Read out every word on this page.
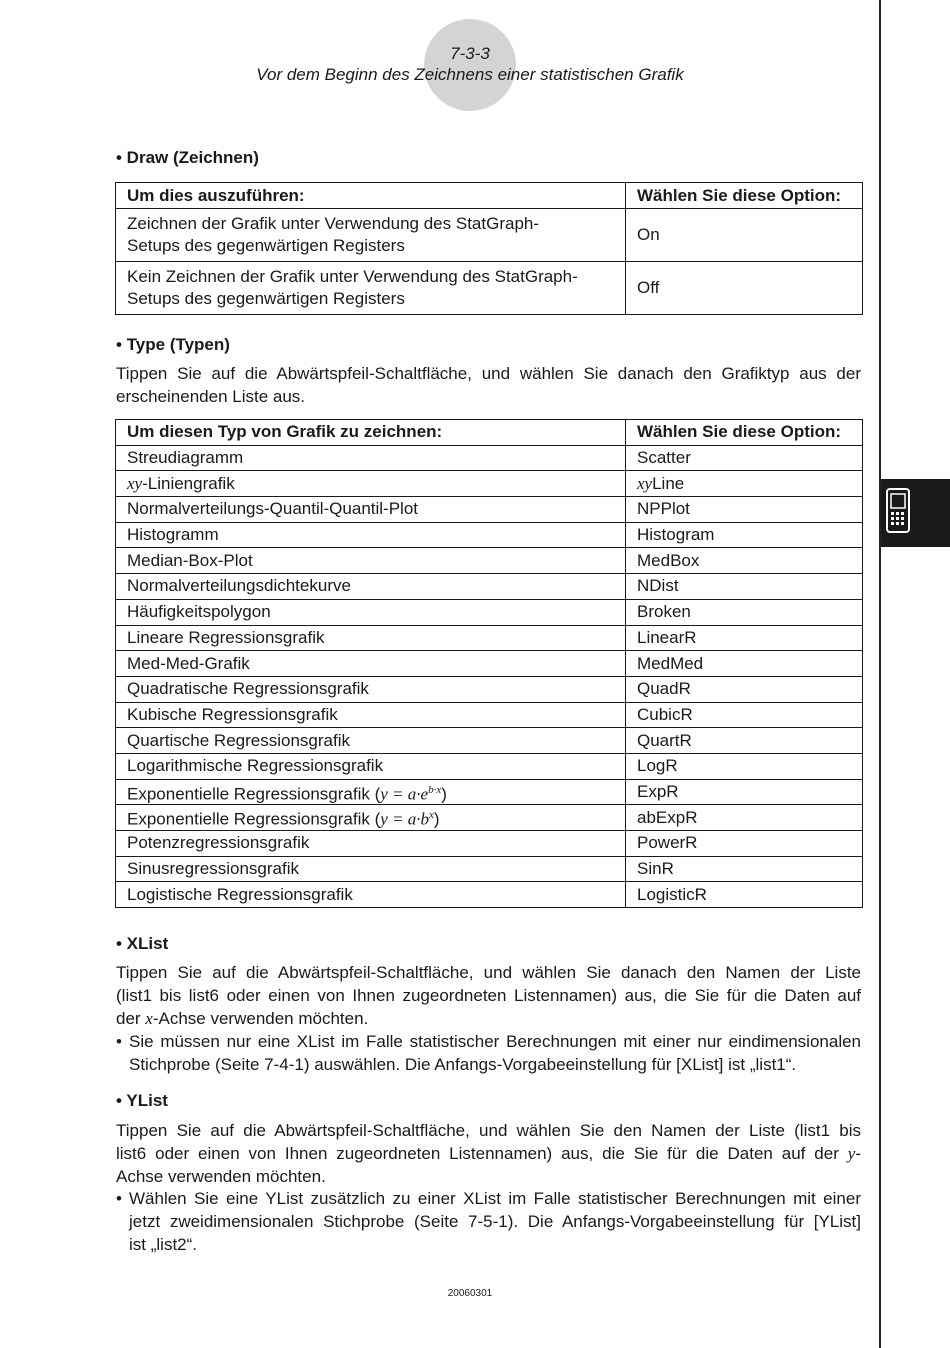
7-3-3
Vor dem Beginn des Zeichnens einer statistischen Grafik
• Draw (Zeichnen)
Um dies auszuführen:	Wählen Sie diese Option:
Zeichnen der Grafik unter Verwendung des StatGraph-
Setups des gegenwärtigen Registers	On
Kein Zeichnen der Grafik unter Verwendung des StatGraph-
Setups des gegenwärtigen Registers	Off
• Type (Typen)
Tippen Sie auf die Abwärtspfeil-Schaltfläche, und wählen Sie danach den Grafiktyp aus der
erscheinenden Liste aus.
Um diesen Typ von Grafik zu zeichnen:	Wählen Sie diese Option:
Streudiagramm	Scatter
xy-Liniengrafik	xyLine
Normalverteilungs-Quantil-Quantil-Plot	NPPlot
Histogramm	Histogram
Median-Box-Plot	MedBox
Normalverteilungsdichtekurve	NDist
Häufigkeitspolygon	Broken
Lineare Regressionsgrafik	LinearR
Med-Med-Grafik	MedMed
Quadratische Regressionsgrafik	QuadR
Kubische Regressionsgrafik	CubicR
Quartische Regressionsgrafik	QuartR
Logarithmische Regressionsgrafik	LogR
Exponentielle Regressionsgrafik $(y = a\cdot e^{b\cdot x})$	ExpR
Exponentielle Regressionsgrafik $(y = a\cdot b^x)$	abExpR
Potenzregressionsgrafik	PowerR
Sinusregressionsgrafik	SinR
Logistische Regressionsgrafik	LogisticR
• XList
Tippen Sie auf die Abwärtspfeil-Schaltfläche, und wählen Sie danach den Namen der Liste
(list1 bis list6 oder einen von Ihnen zugeordneten Listennamen) aus, die Sie für die Daten auf
der x-Achse verwenden möchten.
• Sie müssen nur eine XList im Falle statistischer Berechnungen mit einer nur eindimensionalen
Stichprobe (Seite 7-4-1) auswählen. Die Anfangs-Vorgabeeinstellung für [XList] ist „list1“.
• YList
Tippen Sie auf die Abwärtspfeil-Schaltfläche, und wählen Sie den Namen der Liste (list1 bis
list6 oder einen von Ihnen zugeordneten Listennamen) aus, die Sie für die Daten auf der y-
Achse verwenden möchten.
• Wählen Sie eine YList zusätzlich zu einer XList im Falle statistischer Berechnungen mit einer
jetzt zweidimensionalen Stichprobe (Seite 7-5-1). Die Anfangs-Vorgabeeinstellung für [YList]
ist „list2“.
20060301
